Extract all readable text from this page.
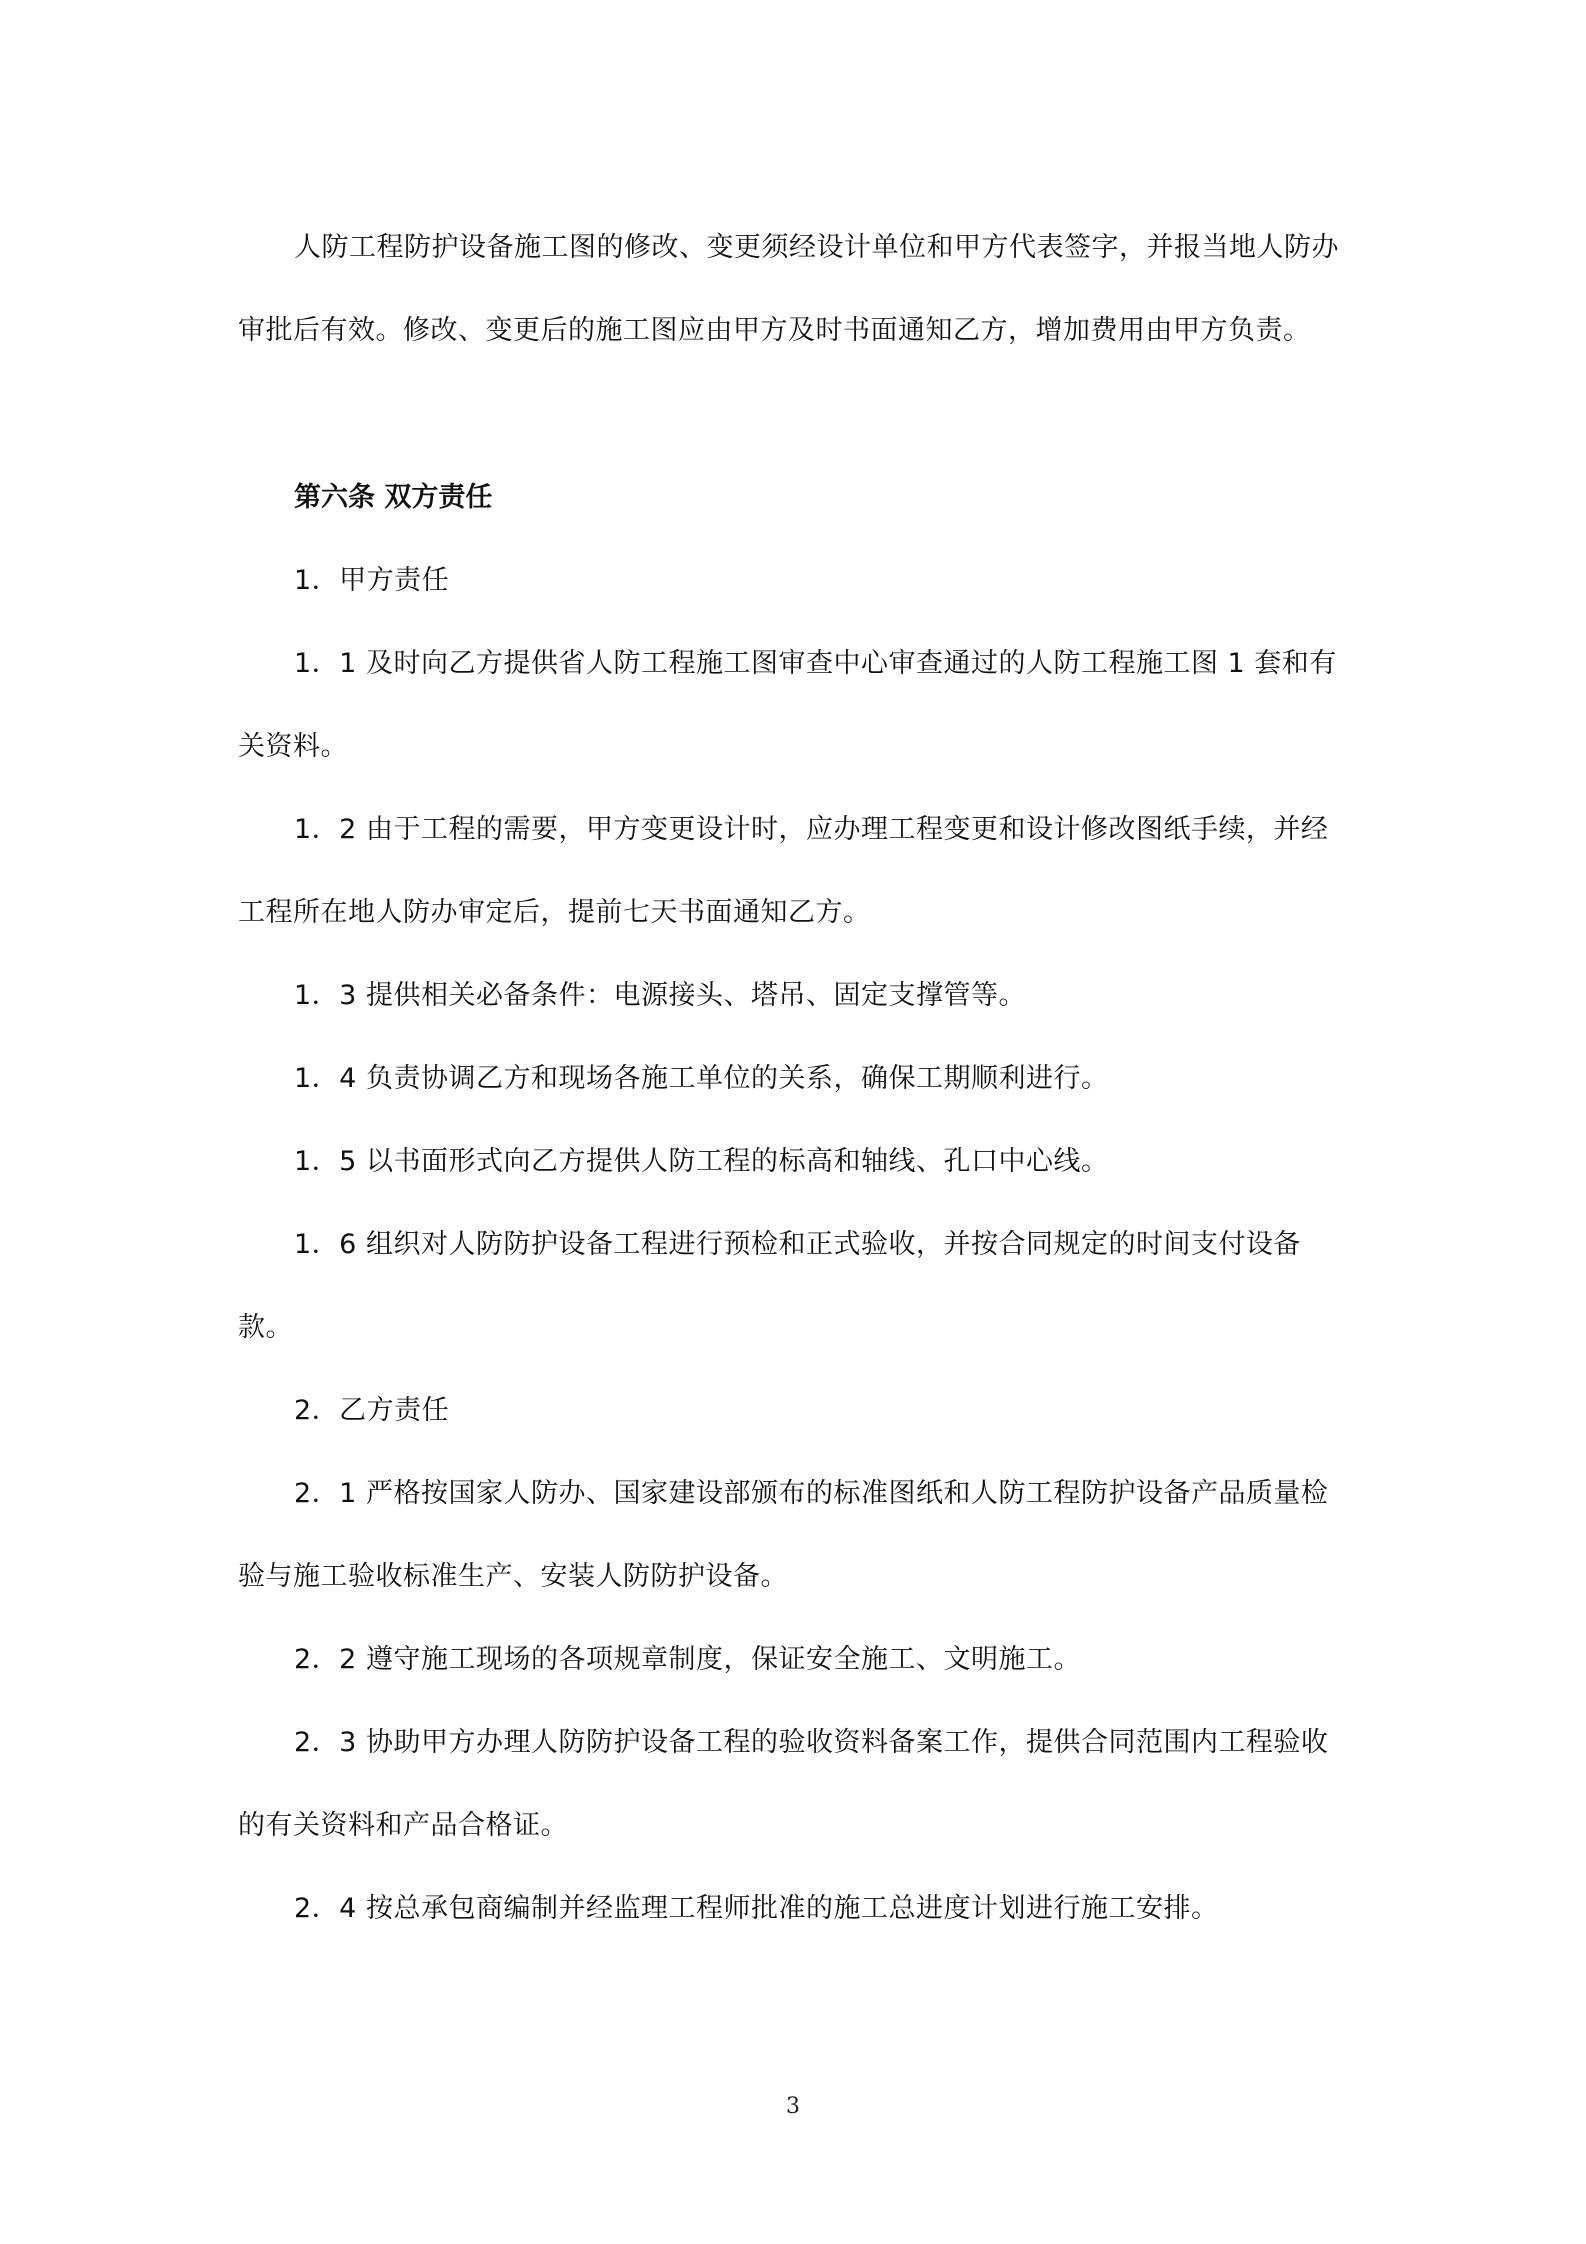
人防工程防护设备施工图的修改、变更须经设计单位和甲方代表签字，并报当地人防办审批后有效。修改、变更后的施工图应由甲方及时书面通知乙方，增加费用由甲方负责。

第六条 双方责任

1．甲方责任

1．1 及时向乙方提供省人防工程施工图审查中心审查通过的人防工程施工图 1 套和有关资料。

1．2 由于工程的需要，甲方变更设计时，应办理工程变更和设计修改图纸手续，并经工程所在地人防办审定后，提前七天书面通知乙方。

1．3 提供相关必备条件：电源接头、塔吊、固定支撑管等。

1．4 负责协调乙方和现场各施工单位的关系，确保工期顺利进行。

1．5 以书面形式向乙方提供人防工程的标高和轴线、孔口中心线。

1．6 组织对人防防护设备工程进行预检和正式验收，并按合同规定的时间支付设备款。

2．乙方责任

2．1 严格按国家人防办、国家建设部颁布的标准图纸和人防工程防护设备产品质量检验与施工验收标准生产、安装人防防护设备。

2．2 遵守施工现场的各项规章制度，保证安全施工、文明施工。

2．3 协助甲方办理人防防护设备工程的验收资料备案工作，提供合同范围内工程验收的有关资料和产品合格证。

2．4 按总承包商编制并经监理工程师批准的施工总进度计划进行施工安排。

3
